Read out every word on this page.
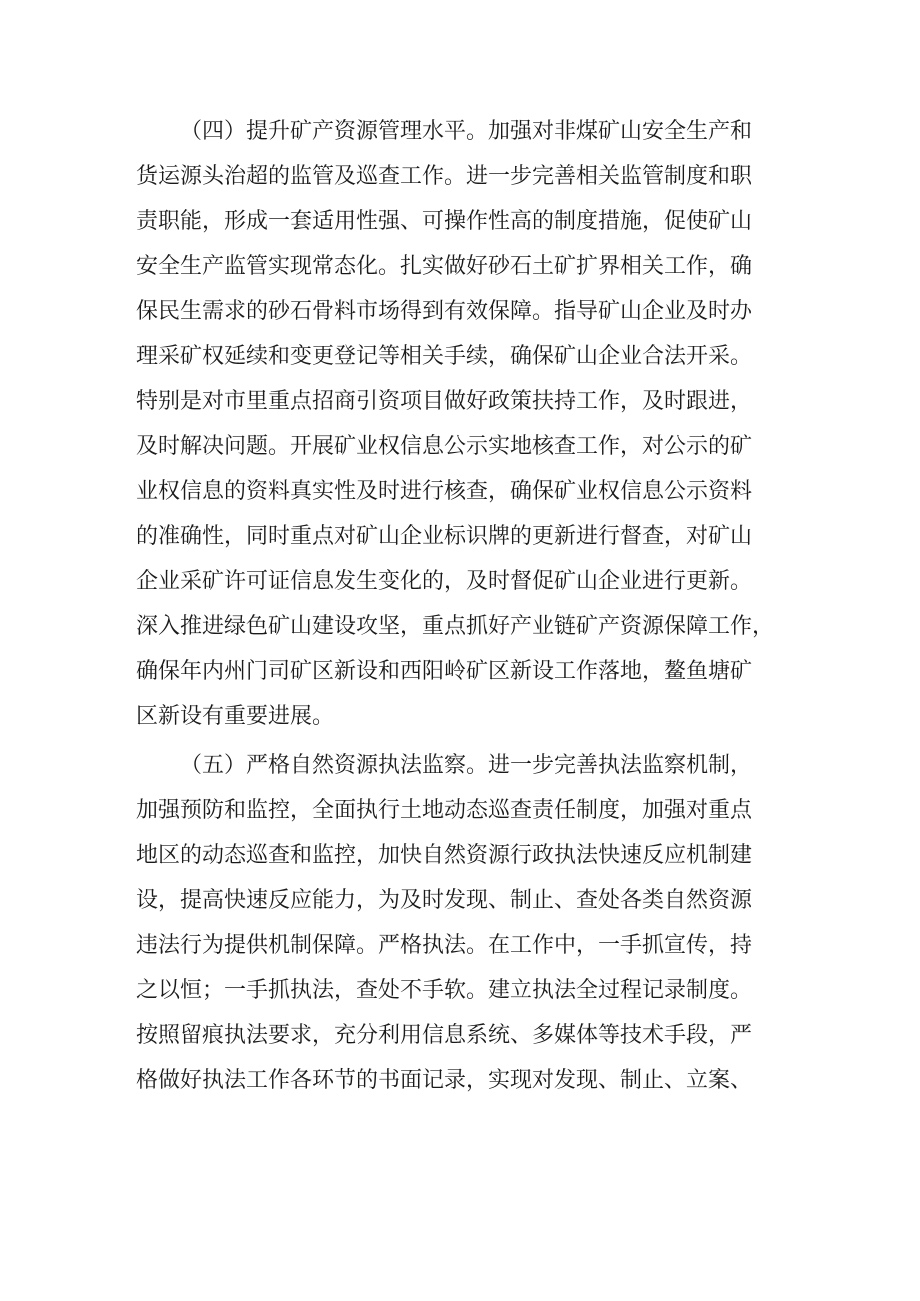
（四）提升矿产资源管理水平。加强对非煤矿山安全生产和
货运源头治超的监管及巡查工作。进一步完善相关监管制度和职
责职能，形成一套适用性强、可操作性高的制度措施，促使矿山
安全生产监管实现常态化。扎实做好砂石土矿扩界相关工作，确
保民生需求的砂石骨料市场得到有效保障。指导矿山企业及时办
理采矿权延续和变更登记等相关手续，确保矿山企业合法开采。
特别是对市里重点招商引资项目做好政策扶持工作，及时跟进，
及时解决问题。开展矿业权信息公示实地核查工作，对公示的矿
业权信息的资料真实性及时进行核查，确保矿业权信息公示资料
的准确性，同时重点对矿山企业标识牌的更新进行督查，对矿山
企业采矿许可证信息发生变化的，及时督促矿山企业进行更新。
深入推进绿色矿山建设攻坚，重点抓好产业链矿产资源保障工作，
确保年内州门司矿区新设和西阳岭矿区新设工作落地，鳌鱼塘矿
区新设有重要进展。
（五）严格自然资源执法监察。进一步完善执法监察机制，
加强预防和监控，全面执行土地动态巡查责任制度，加强对重点
地区的动态巡查和监控，加快自然资源行政执法快速反应机制建
设，提高快速反应能力，为及时发现、制止、查处各类自然资源
违法行为提供机制保障。严格执法。在工作中，一手抓宣传，持
之以恒；一手抓执法，查处不手软。建立执法全过程记录制度。
按照留痕执法要求，充分利用信息系统、多媒体等技术手段，严
格做好执法工作各环节的书面记录，实现对发现、制止、立案、
